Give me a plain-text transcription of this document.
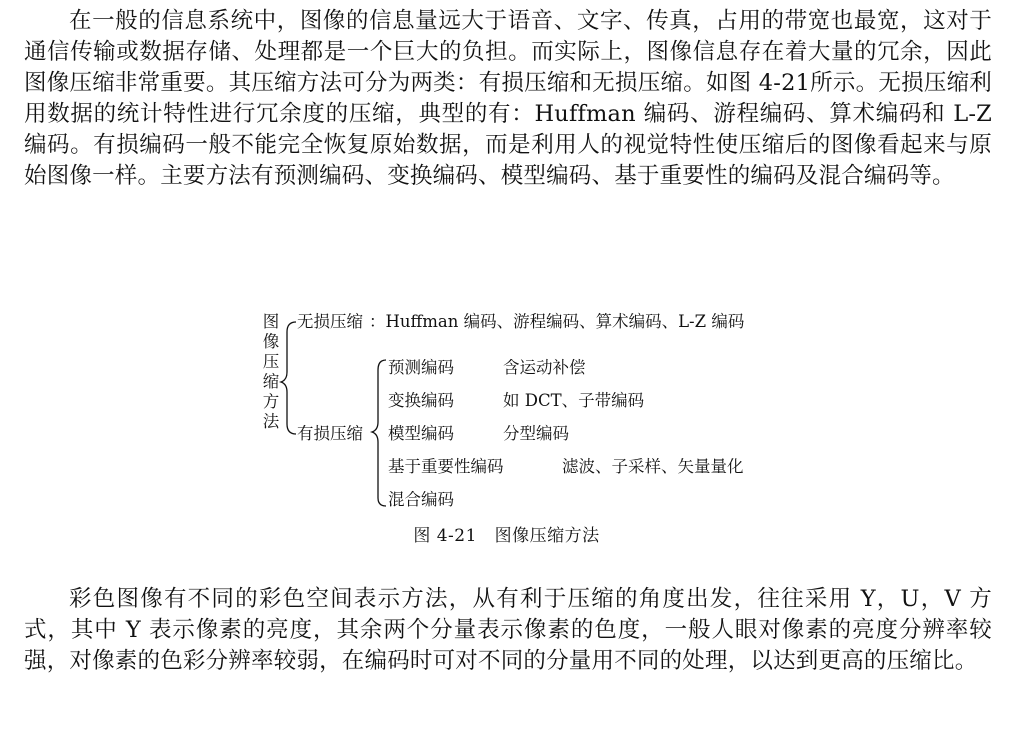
在一般的信息系统中，图像的信息量远大于语音、文字、传真，占用的带宽也最宽，这对于通信传输或数据存储、处理都是一个巨大的负担。而实际上，图像信息存在着大量的冗余，因此图像压缩非常重要。其压缩方法可分为两类：有损压缩和无损压缩。如图 4-21所示。无损压缩利用数据的统计特性进行冗余度的压缩，典型的有：Huffman 编码、游程编码、算术编码和 L-Z 编码。有损编码一般不能完全恢复原始数据，而是利用人的视觉特性使压缩后的图像看起来与原始图像一样。主要方法有预测编码、变换编码、模型编码、基于重要性的编码及混合编码等。

图
像
压
缩
方
法
无损压缩 ：Huffman 编码、游程编码、算术编码、L-Z 编码
有损压缩
预测编码	含运动补偿
变换编码	如 DCT、子带编码
模型编码	分型编码
基于重要性编码	滤波、子采样、矢量量化
混合编码
图 4-21 图像压缩方法

彩色图像有不同的彩色空间表示方法，从有利于压缩的角度出发，往往采用 Y，U，V 方式，其中 Y 表示像素的亮度，其余两个分量表示像素的色度，一般人眼对像素的亮度分辨率较强，对像素的色彩分辨率较弱，在编码时可对不同的分量用不同的处理，以达到更高的压缩比。
